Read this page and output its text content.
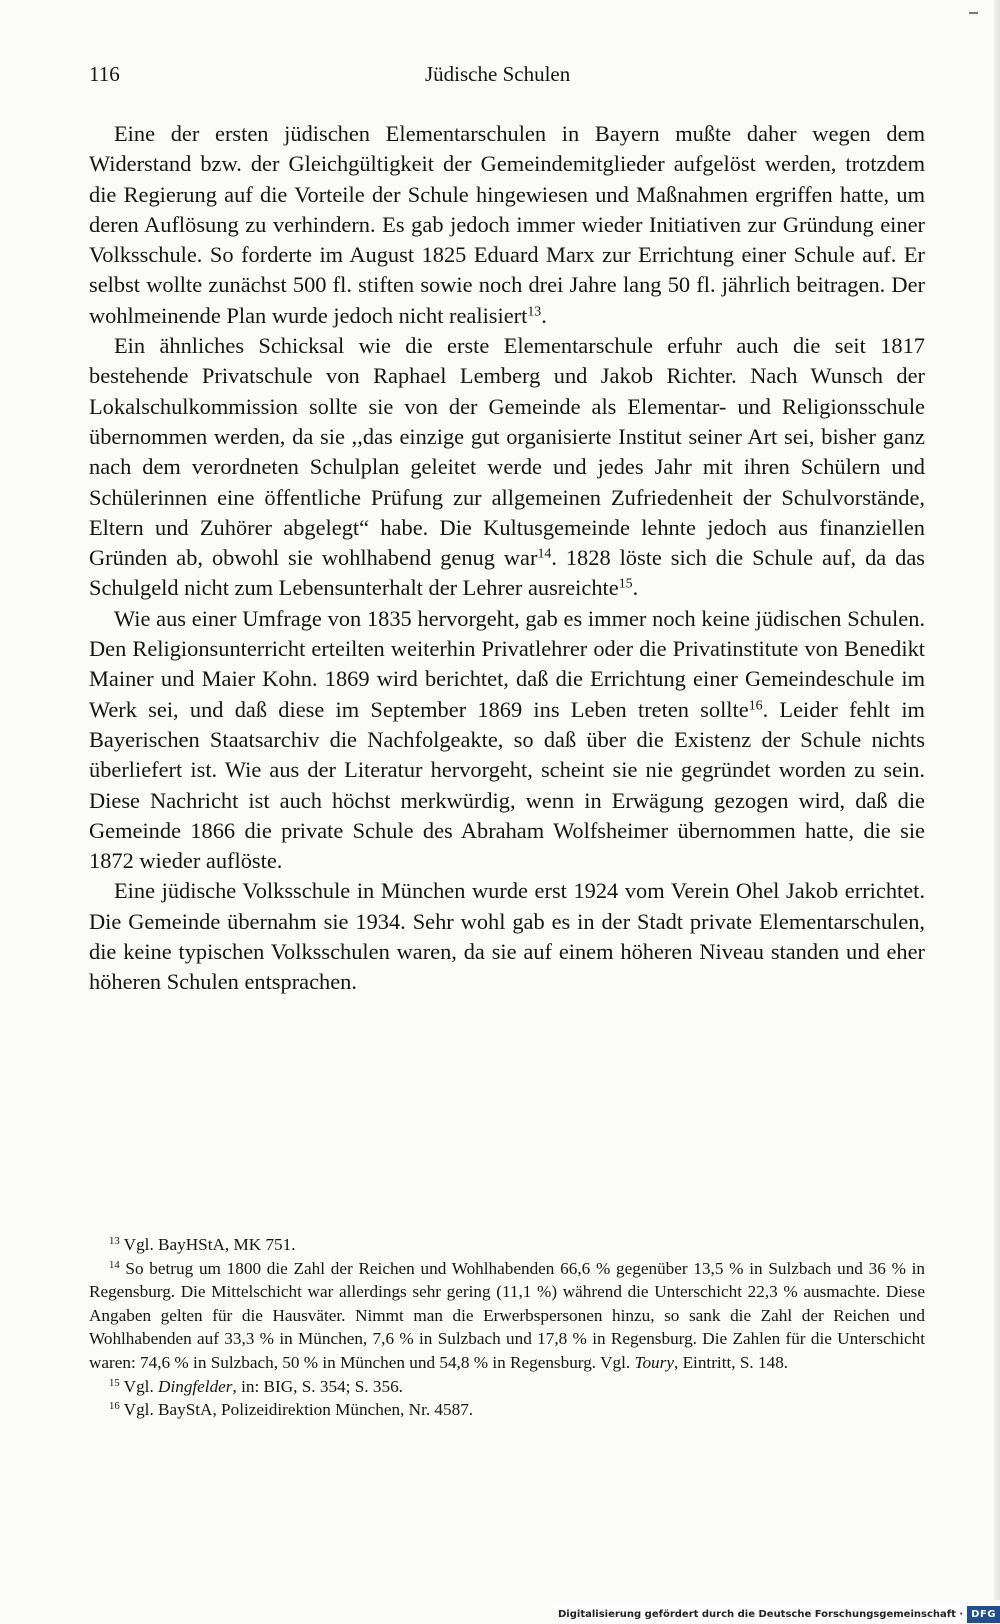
116	Jüdische Schulen

Eine der ersten jüdischen Elementarschulen in Bayern mußte daher wegen dem Widerstand bzw. der Gleichgültigkeit der Gemeindemitglieder aufgelöst werden, trotzdem die Regierung auf die Vorteile der Schule hingewiesen und Maßnahmen ergriffen hatte, um deren Auflösung zu verhindern. Es gab jedoch immer wieder Initiativen zur Gründung einer Volksschule. So forderte im August 1825 Eduard Marx zur Errichtung einer Schule auf. Er selbst wollte zunächst 500 fl. stiften sowie noch drei Jahre lang 50 fl. jährlich beitragen. Der wohlmeinende Plan wurde jedoch nicht realisiert$^{13}$.

Ein ähnliches Schicksal wie die erste Elementarschule erfuhr auch die seit 1817 bestehende Privatschule von Raphael Lemberg und Jakob Richter. Nach Wunsch der Lokalschulkommission sollte sie von der Gemeinde als Elementar- und Religionsschule übernommen werden, da sie ,,das einzige gut organisierte Institut seiner Art sei, bisher ganz nach dem verordneten Schulplan geleitet werde und jedes Jahr mit ihren Schülern und Schülerinnen eine öffentliche Prüfung zur allgemeinen Zufriedenheit der Schulvorstände, Eltern und Zuhörer abgelegt“ habe. Die Kultusgemeinde lehnte jedoch aus finanziellen Gründen ab, obwohl sie wohlhabend genug war$^{14}$. 1828 löste sich die Schule auf, da das Schulgeld nicht zum Lebensunterhalt der Lehrer ausreichte$^{15}$.

Wie aus einer Umfrage von 1835 hervorgeht, gab es immer noch keine jüdischen Schulen. Den Religionsunterricht erteilten weiterhin Privatlehrer oder die Privatinstitute von Benedikt Mainer und Maier Kohn. 1869 wird berichtet, daß die Errichtung einer Gemeindeschule im Werk sei, und daß diese im September 1869 ins Leben treten sollte$^{16}$. Leider fehlt im Bayerischen Staatsarchiv die Nachfolgeakte, so daß über die Existenz der Schule nichts überliefert ist. Wie aus der Literatur hervorgeht, scheint sie nie gegründet worden zu sein. Diese Nachricht ist auch höchst merkwürdig, wenn in Erwägung gezogen wird, daß die Gemeinde 1866 die private Schule des Abraham Wolfsheimer übernommen hatte, die sie 1872 wieder auflöste.

Eine jüdische Volksschule in München wurde erst 1924 vom Verein Ohel Jakob errichtet. Die Gemeinde übernahm sie 1934. Sehr wohl gab es in der Stadt private Elementarschulen, die keine typischen Volksschulen waren, da sie auf einem höheren Niveau standen und eher höheren Schulen entsprachen.

$^{13}$ Vgl. BayHStA, MK 751.

$^{14}$ So betrug um 1800 die Zahl der Reichen und Wohlhabenden 66,6 % gegenüber 13,5 % in Sulzbach und 36 % in Regensburg. Die Mittelschicht war allerdings sehr gering (11,1 %) während die Unterschicht 22,3 % ausmachte. Diese Angaben gelten für die Hausväter. Nimmt man die Erwerbspersonen hinzu, so sank die Zahl der Reichen und Wohlhabenden auf 33,3 % in München, 7,6 % in Sulzbach und 17,8 % in Regensburg. Die Zahlen für die Unterschicht waren: 74,6 % in Sulzbach, 50 % in München und 54,8 % in Regensburg. Vgl. Toury, Eintritt, S. 148.

$^{15}$ Vgl. Dingfelder, in: BIG, S. 354; S. 356.

$^{16}$ Vgl. BayStA, Polizeidirektion München, Nr. 4587.

Digitalisierung gefördert durch die Deutsche Forschungsgemeinschaft · DFG
